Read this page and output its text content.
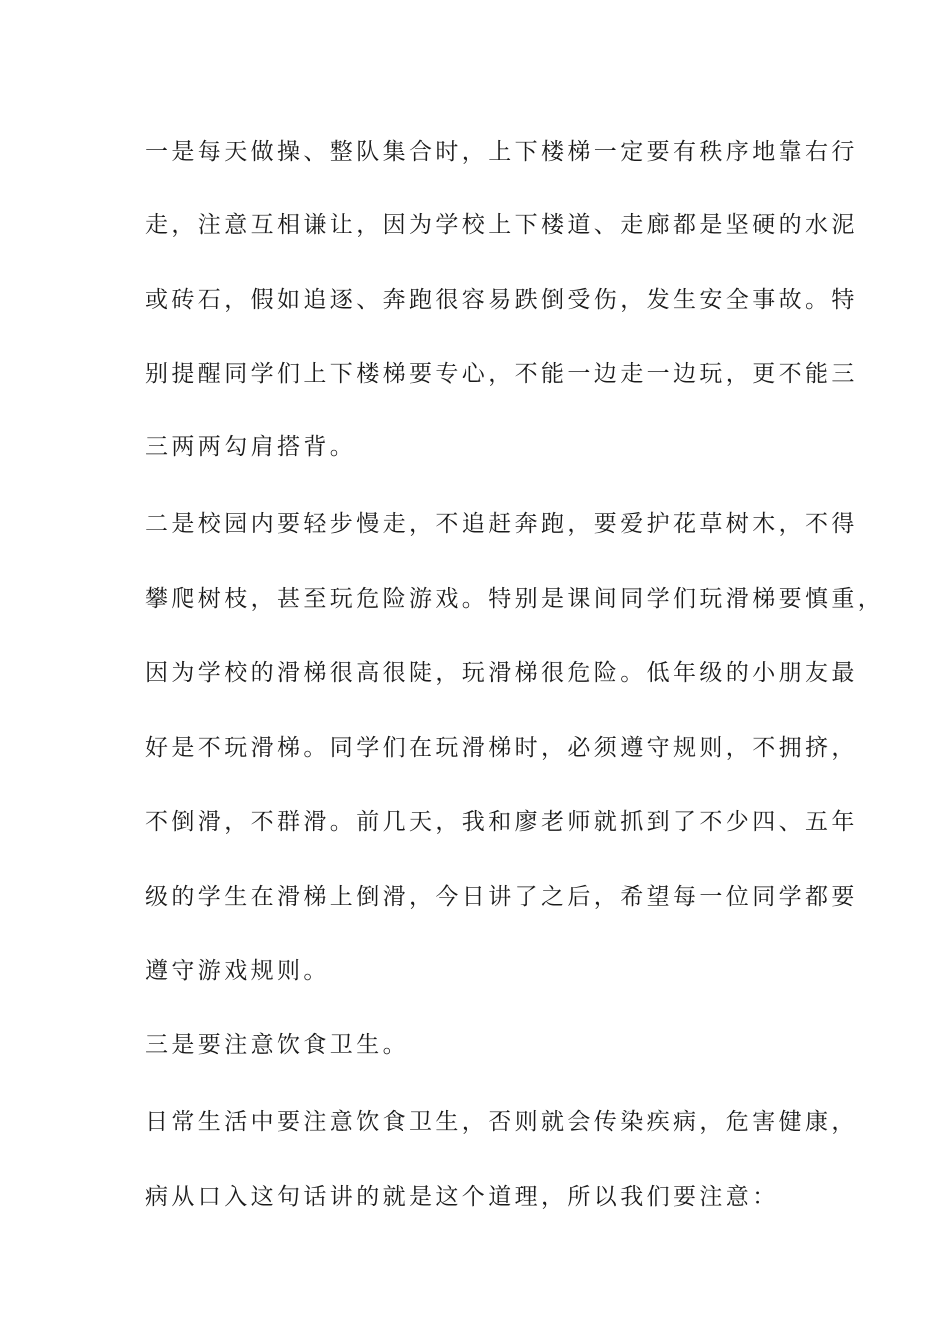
一是每天做操、整队集合时，上下楼梯一定要有秩序地靠右行
走，注意互相谦让，因为学校上下楼道、走廊都是坚硬的水泥
或砖石，假如追逐、奔跑很容易跌倒受伤，发生安全事故。特
别提醒同学们上下楼梯要专心，不能一边走一边玩，更不能三
三两两勾肩搭背。
二是校园内要轻步慢走，不追赶奔跑，要爱护花草树木，不得
攀爬树枝，甚至玩危险游戏。特别是课间同学们玩滑梯要慎重，
因为学校的滑梯很高很陡，玩滑梯很危险。低年级的小朋友最
好是不玩滑梯。同学们在玩滑梯时，必须遵守规则，不拥挤，
不倒滑，不群滑。前几天，我和廖老师就抓到了不少四、五年
级的学生在滑梯上倒滑，今日讲了之后，希望每一位同学都要
遵守游戏规则。
三是要注意饮食卫生。
日常生活中要注意饮食卫生，否则就会传染疾病，危害健康，
病从口入这句话讲的就是这个道理，所以我们要注意：
